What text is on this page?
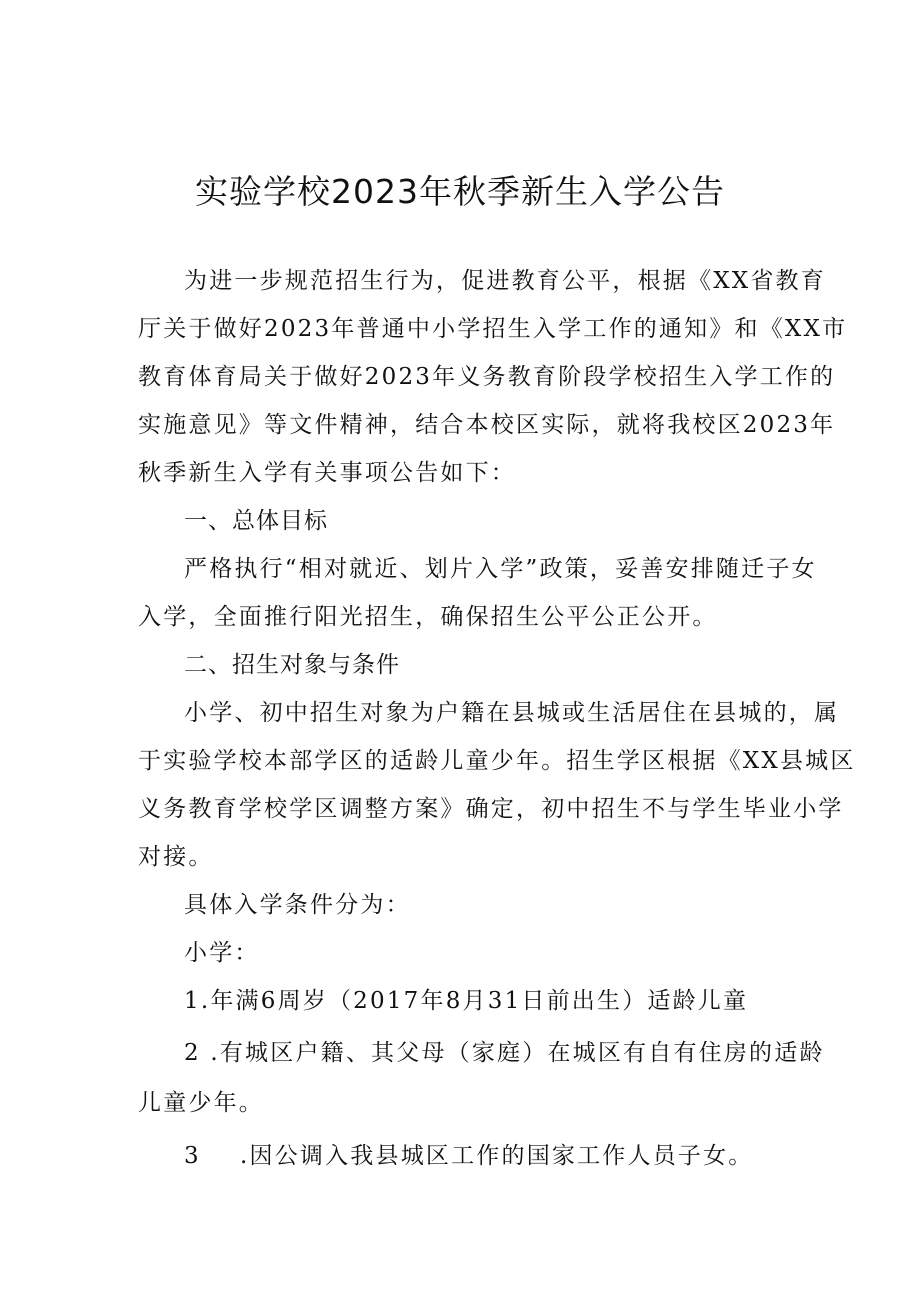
实验学校2023年秋季新生入学公告
为进一步规范招生行为，促进教育公平，根据《XX省教育
厅关于做好2023年普通中小学招生入学工作的通知》和《XX市
教育体育局关于做好2023年义务教育阶段学校招生入学工作的
实施意见》等文件精神，结合本校区实际，就将我校区2023年
秋季新生入学有关事项公告如下：
一、总体目标
严格执行“相对就近、划片入学”政策，妥善安排随迁子女
入学，全面推行阳光招生，确保招生公平公正公开。
二、招生对象与条件
小学、初中招生对象为户籍在县城或生活居住在县城的，属
于实验学校本部学区的适龄儿童少年。招生学区根据《XX县城区
义务教育学校学区调整方案》确定，初中招生不与学生毕业小学
对接。
具体入学条件分为：
小学：
1.年满6周岁（2017年8月31日前出生）适龄儿童
2 .有城区户籍、其父母（家庭）在城区有自有住房的适龄
儿童少年。
3 .因公调入我县城区工作的国家工作人员子女。
